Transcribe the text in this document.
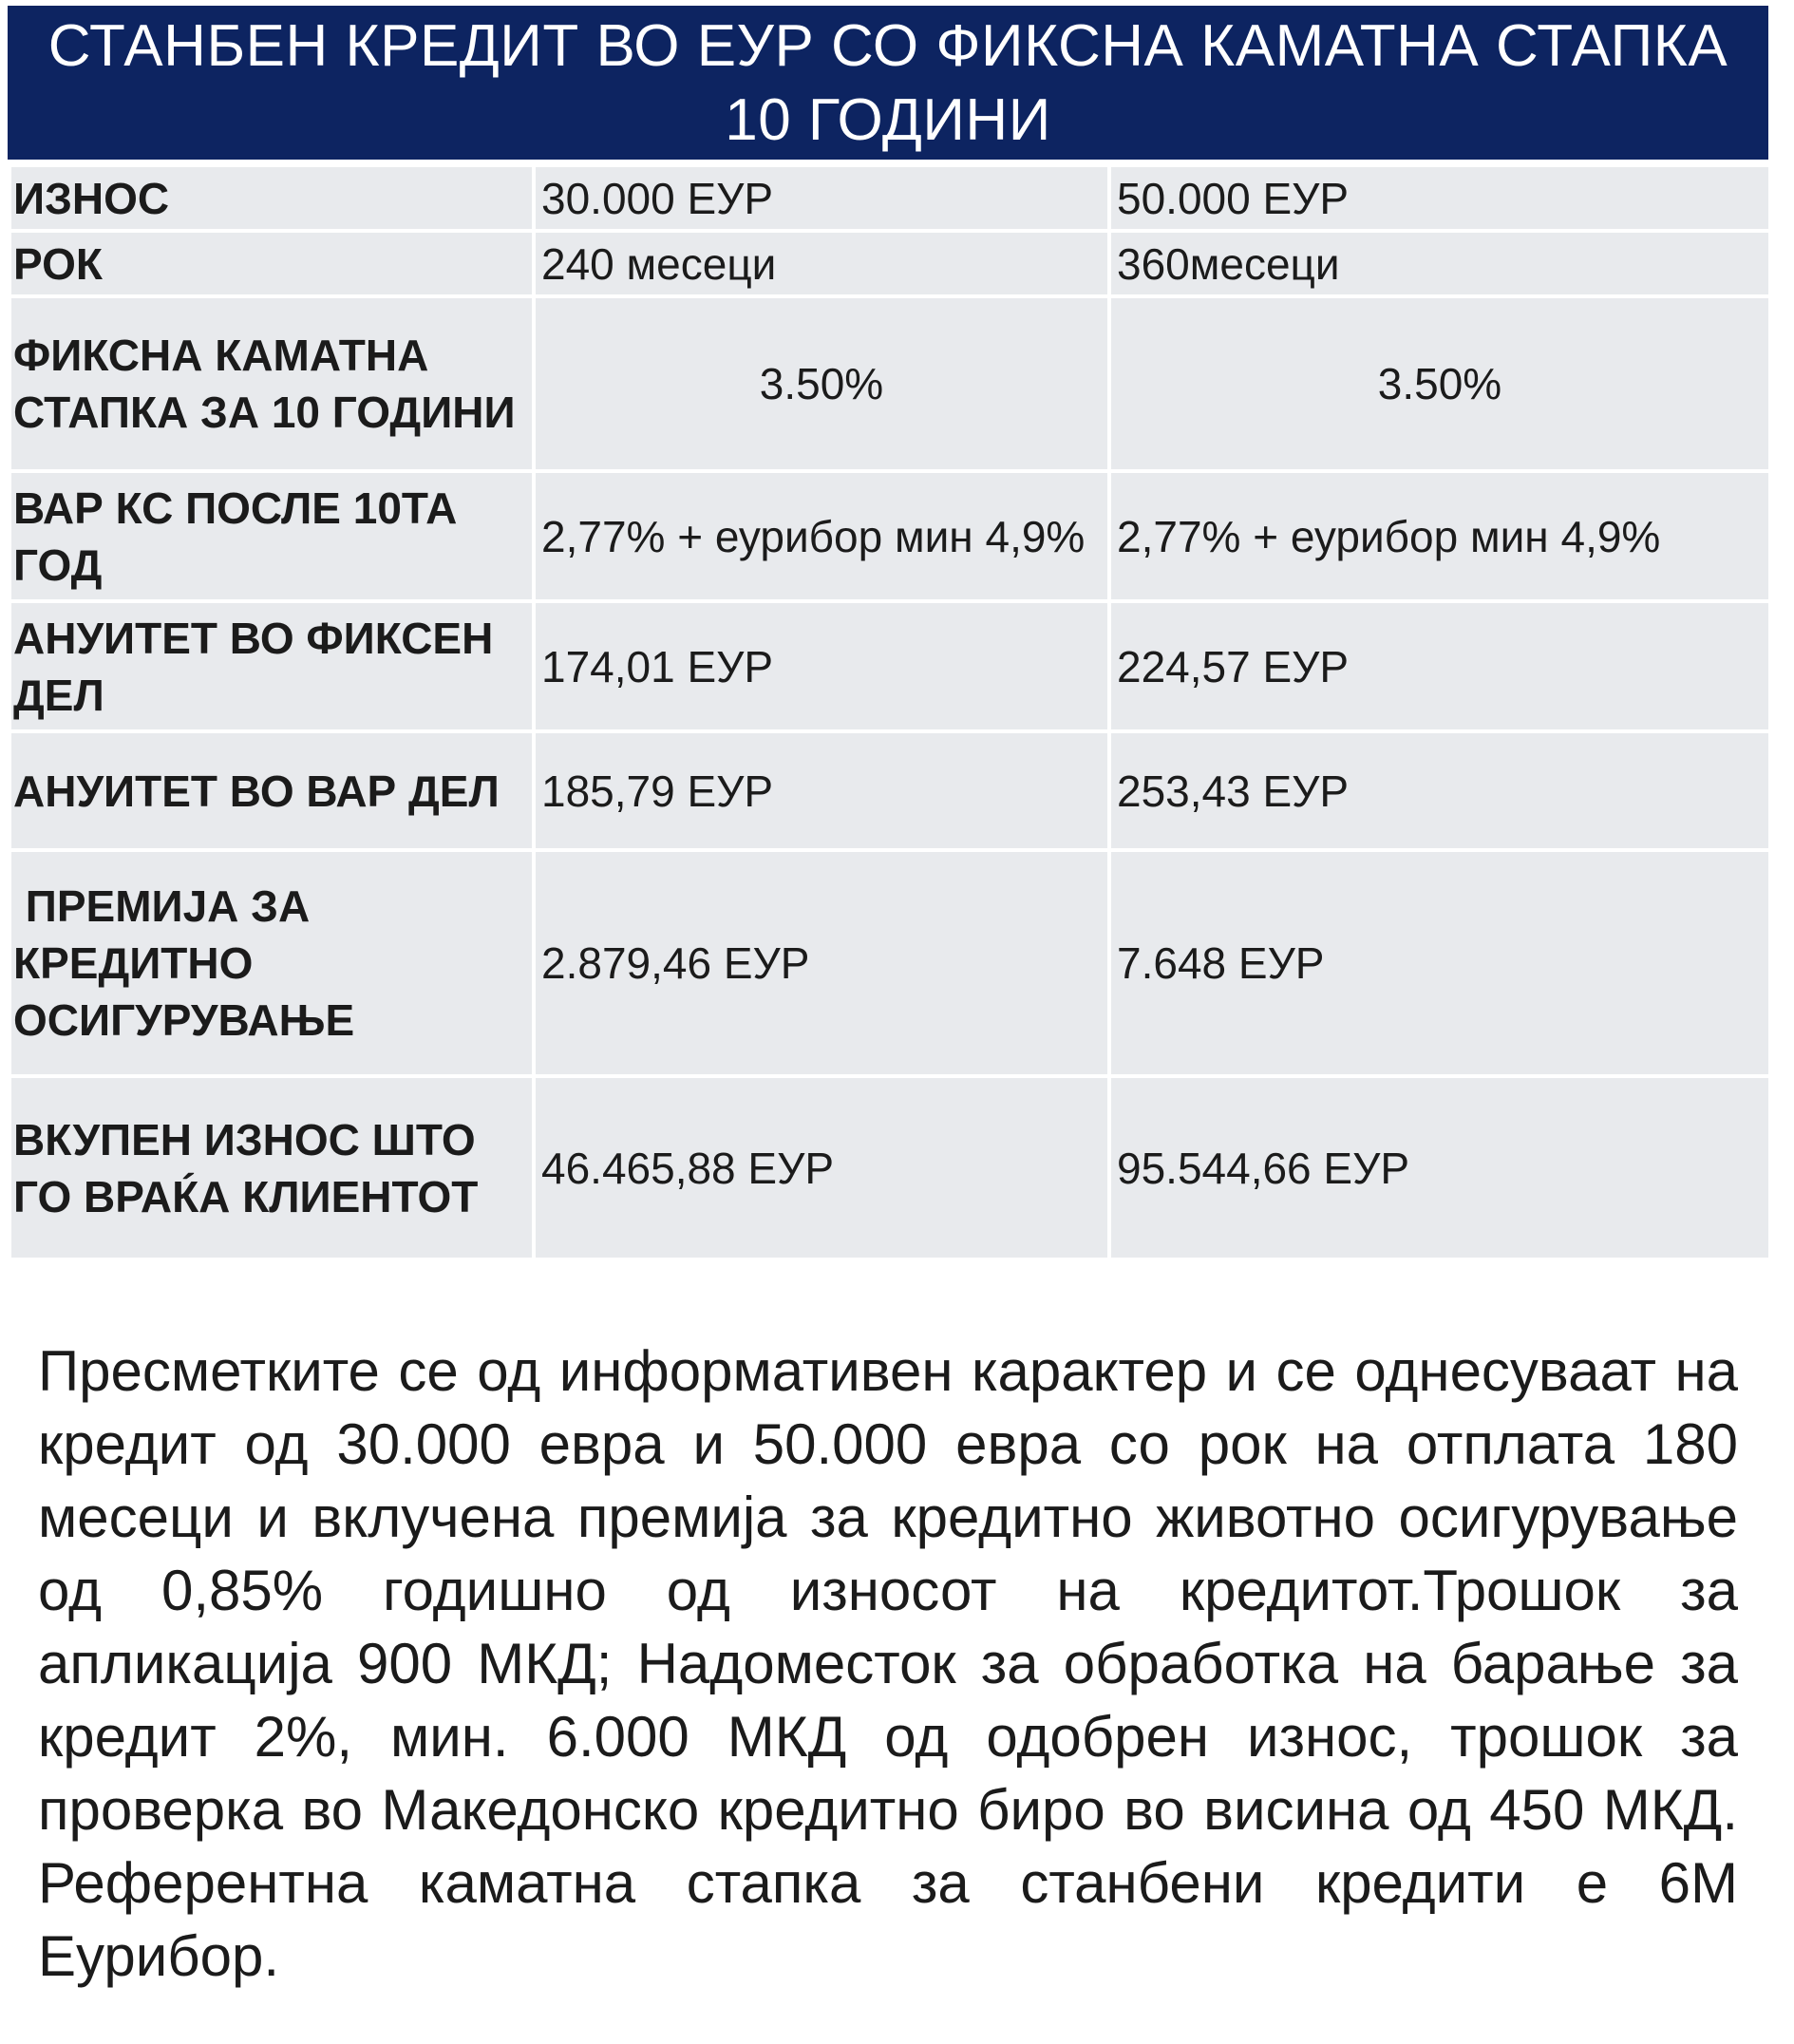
СТАНБЕН КРЕДИТ ВО ЕУР СО ФИКСНА КАМАТНА СТАПКА
10 ГОДИНИ
ИЗНОС	30.000 ЕУР	50.000 ЕУР
РОК	240 месеци	360месеци
ФИКСНА КАМАТНА СТАПКА ЗА 10 ГОДИНИ	3.50%	3.50%
ВАР КС ПОСЛЕ 10ТА ГОД	2,77% + еурибор мин 4,9%	2,77% + еурибор мин 4,9%
АНУИТЕТ ВО ФИКСЕН ДЕЛ	174,01 ЕУР	224,57 ЕУР
АНУИТЕТ ВО ВАР ДЕЛ	185,79 ЕУР	253,43 ЕУР
ПРЕМИЈА ЗА КРЕДИТНО ОСИГУРУВАЊЕ	2.879,46 ЕУР	7.648 ЕУР
ВКУПЕН ИЗНОС ШТО ГО ВРАЌА КЛИЕНТОТ	46.465,88 ЕУР	95.544,66 ЕУР

Пресметките се од информативен карактер и се однесуваат на кредит од 30.000 евра и 50.000 евра со рок на отплата 180 месеци и вклучена премија за кредитно животно осигурување од 0,85% годишно од износот на кредитот.Трошок за апликација 900 МКД; Надоместок за обработка на барање за кредит 2%, мин. 6.000 МКД од одобрен износ, трошок за проверка во Македонско кредитно биро во висина од 450 МКД. Референтна каматна стапка за станбени кредити е 6М Еурибор.
